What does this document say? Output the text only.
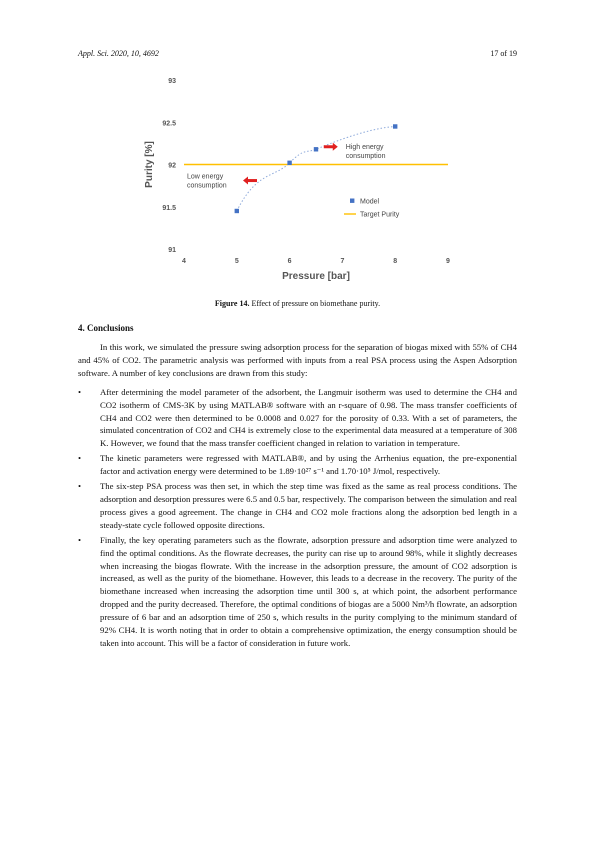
Appl. Sci. 2020, 10, 4692	17 of 19
91
91.5
92
92.5
93
4	5	6	7	8	9
Pressure [bar]
Purity [%]	High energy
consumption
Low energy
consumption
Model
Target Purity
Figure 14. Effect of pressure on biomethane purity.
4. Conclusions

In this work, we simulated the pressure swing adsorption process for the separation of biogas mixed with 55% of CH4 and 45% of CO2. The parametric analysis was performed with inputs from a real PSA process using the Aspen Adsorption software. A number of key conclusions are drawn from this study:

• After determining the model parameter of the adsorbent, the Langmuir isotherm was used to determine the CH4 and CO2 isotherm of CMS-3K by using MATLAB® software with an r-square of 0.98. The mass transfer coefficients of CH4 and CO2 were then determined to be 0.0008 and 0.027 for the porosity of 0.33. With a set of parameters, the simulated concentration of CO2 and CH4 is extremely close to the experimental data measured at a temperature of 308 K. However, we found that the mass transfer coefficient changed in relation to variation in temperature.
• The kinetic parameters were regressed with MATLAB®, and by using the Arrhenius equation, the pre-exponential factor and activation energy were determined to be 1.89·10²⁷ s⁻¹ and 1.70·10⁵ J/mol, respectively.
• The six-step PSA process was then set, in which the step time was fixed as the same as real process conditions. The adsorption and desorption pressures were 6.5 and 0.5 bar, respectively. The comparison between the simulation and real process gives a good agreement. The change in CH4 and CO2 mole fractions along the adsorption bed length in a steady-state cycle followed opposite directions.
• Finally, the key operating parameters such as the flowrate, adsorption pressure and adsorption time were analyzed to find the optimal conditions. As the flowrate decreases, the purity can rise up to around 98%, while it slightly decreases when increasing the biogas flowrate. With the increase in the adsorption pressure, the amount of CO2 adsorption is increased, as well as the purity of the biomethane. However, this leads to a decrease in the recovery. The purity of the biomethane increased when increasing the adsorption time until 300 s, at which point, the adsorbent performance dropped and the purity decreased. Therefore, the optimal conditions of biogas are a 5000 Nm³/h flowrate, an adsorption pressure of 6 bar and an adsorption time of 250 s, which results in the purity complying to the minimum standard of 92% CH4. It is worth noting that in order to obtain a comprehensive optimization, the energy consumption should be taken into account. This will be a factor of consideration in future work.
